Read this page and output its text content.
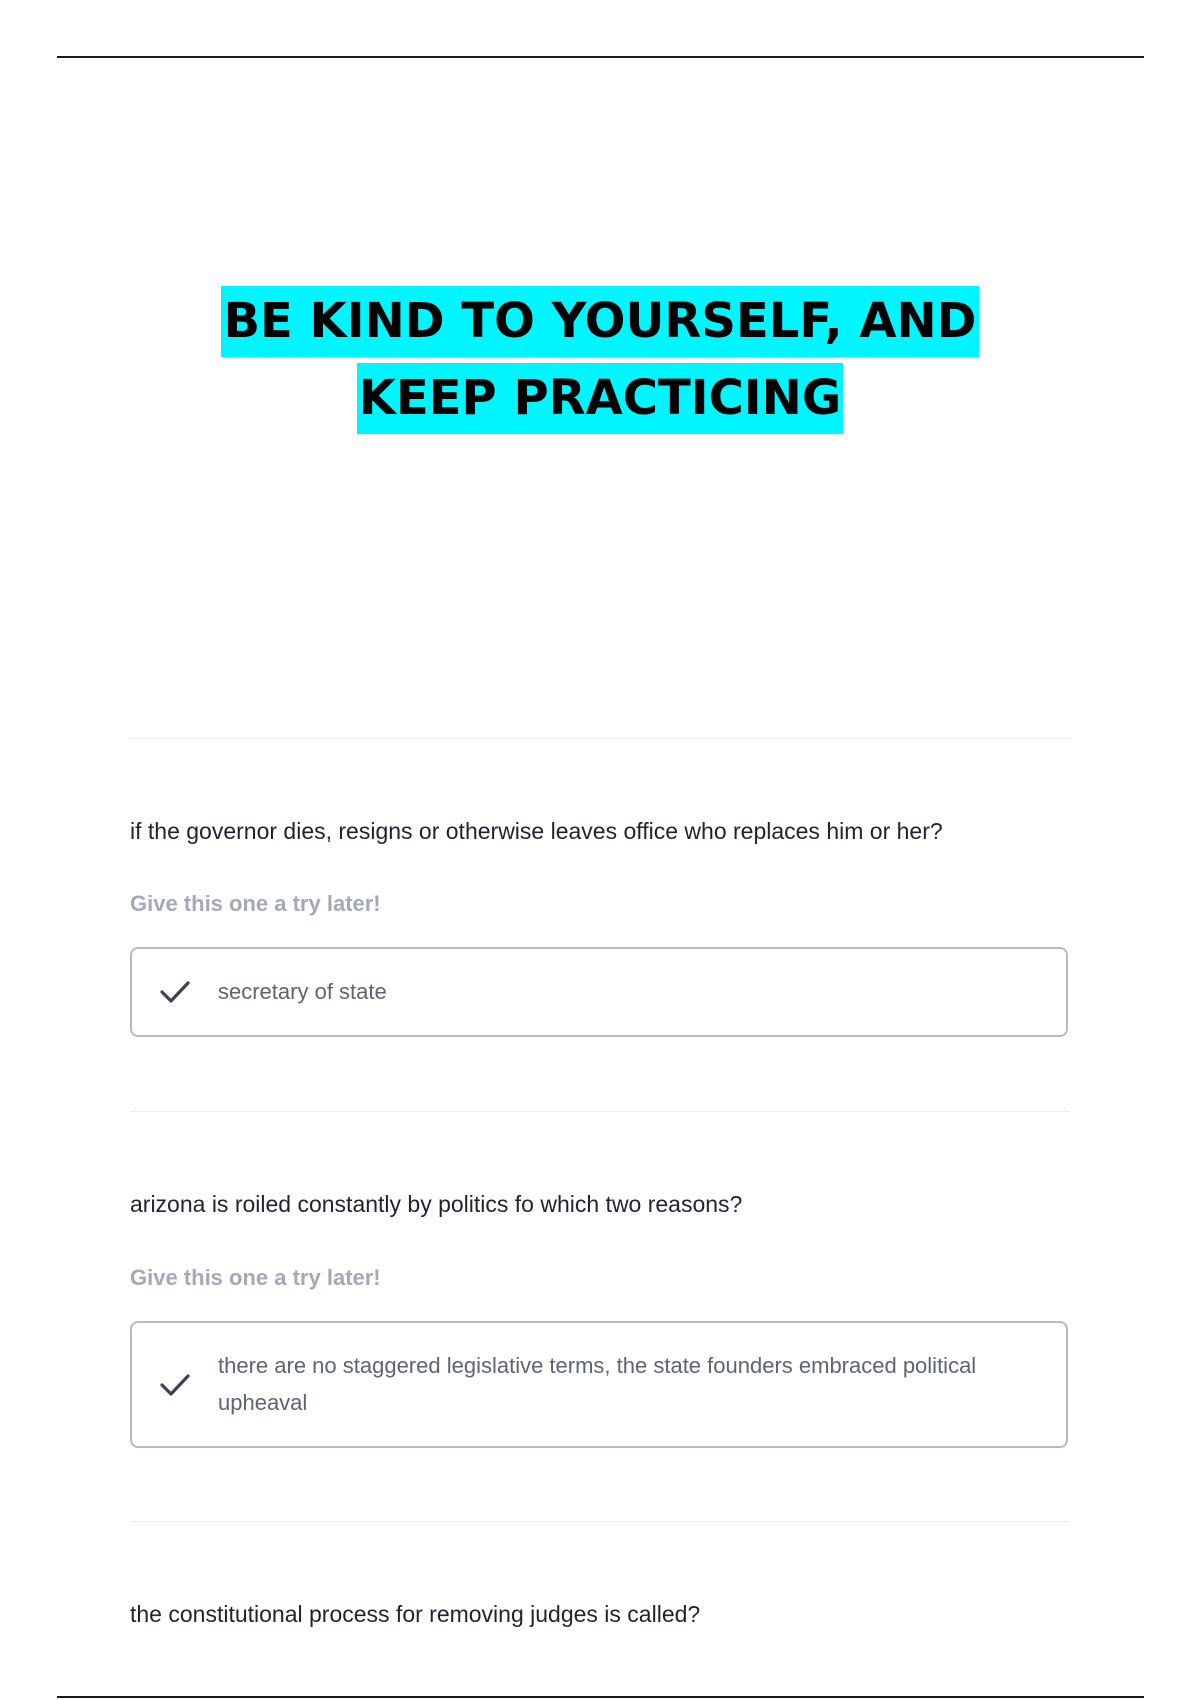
BE KIND TO YOURSELF, AND
KEEP PRACTICING
if the governor dies, resigns or otherwise leaves office who replaces him or her?
Give this one a try later!
secretary of state
arizona is roiled constantly by politics fo which two reasons?
Give this one a try later!
there are no staggered legislative terms, the state founders embraced political upheaval
the constitutional process for removing judges is called?
